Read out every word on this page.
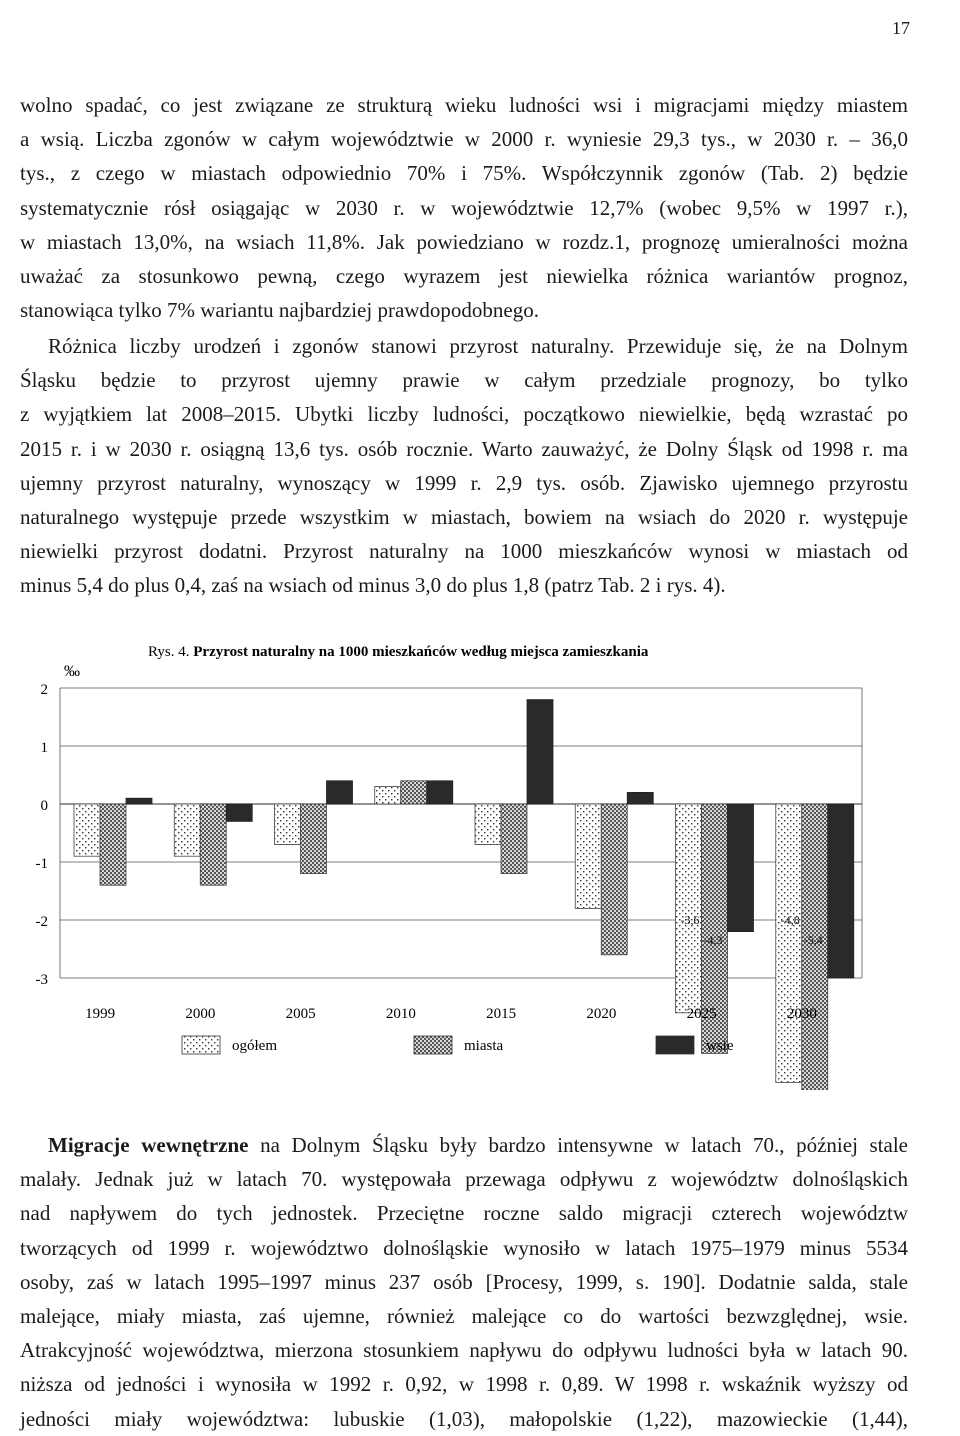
17
wolno spadać, co jest związane ze strukturą wieku ludności wsi i migracjami między miastem
a wsią. Liczba zgonów w całym województwie w 2000 r. wyniesie 29,3 tys., w 2030 r. – 36,0
tys., z czego w miastach odpowiednio 70% i 75%. Współczynnik zgonów (Tab. 2) będzie
systematycznie rósł osiągając w 2030 r. w województwie 12,7% (wobec 9,5% w 1997 r.),
w miastach 13,0%, na wsiach 11,8%. Jak powiedziano w rozdz.1, prognozę umieralności można
uważać za stosunkowo pewną, czego wyrazem jest niewielka różnica wariantów prognoz,
stanowiąca tylko 7% wariantu najbardziej prawdopodobnego.
Różnica liczby urodzeń i zgonów stanowi przyrost naturalny. Przewiduje się, że na Dolnym
Śląsku będzie to przyrost ujemny prawie w całym przedziale prognozy, bo tylko
z wyjątkiem lat 2008–2015. Ubytki liczby ludności, początkowo niewielkie, będą wzrastać po
2015 r. i w 2030 r. osiągną 13,6 tys. osób rocznie. Warto zauważyć, że Dolny Śląsk od 1998 r. ma
ujemny przyrost naturalny, wynoszący w 1999 r. 2,9 tys. osób. Zjawisko ujemnego przyrostu
naturalnego występuje przede wszystkim w miastach, bowiem na wsiach do 2020 r. występuje
niewielki przyrost dodatni. Przyrost naturalny na 1000 mieszkańców wynosi w miastach od
minus 5,4 do plus 0,4, zaś na wsiach od minus 3,0 do plus 1,8 (patrz Tab. 2 i rys. 4).
Rys. 4. Przyrost naturalny na 1000 mieszkańców według miejsca zamieszkania
‰
2
1
0
-1
-2
-3
1999	2000	2005	2010	2015	2020	2025	2030
-3,6
-4,3
-4,8
-5,4
ogółem	miasta	wsie
Migracje wewnętrzne na Dolnym Śląsku były bardzo intensywne w latach 70., później stale
malały. Jednak już w latach 70. występowała przewaga odpływu z województw dolnośląskich
nad napływem do tych jednostek. Przeciętne roczne saldo migracji czterech województw
tworzących od 1999 r. województwo dolnośląskie wynosiło w latach 1975–1979 minus 5534
osoby, zaś w latach 1995–1997 minus 237 osób [Procesy, 1999, s. 190]. Dodatnie salda, stale
malejące, miały miasta, zaś ujemne, również malejące co do wartości bezwzględnej, wsie.
Atrakcyjność województwa, mierzona stosunkiem napływu do odpływu ludności była w latach 90.
niższa od jedności i wynosiła w 1992 r. 0,92, w 1998 r. 0,89. W 1998 r. wskaźnik wyższy od
jedności miały województwa: lubuskie (1,03), małopolskie (1,22), mazowieckie (1,44),
